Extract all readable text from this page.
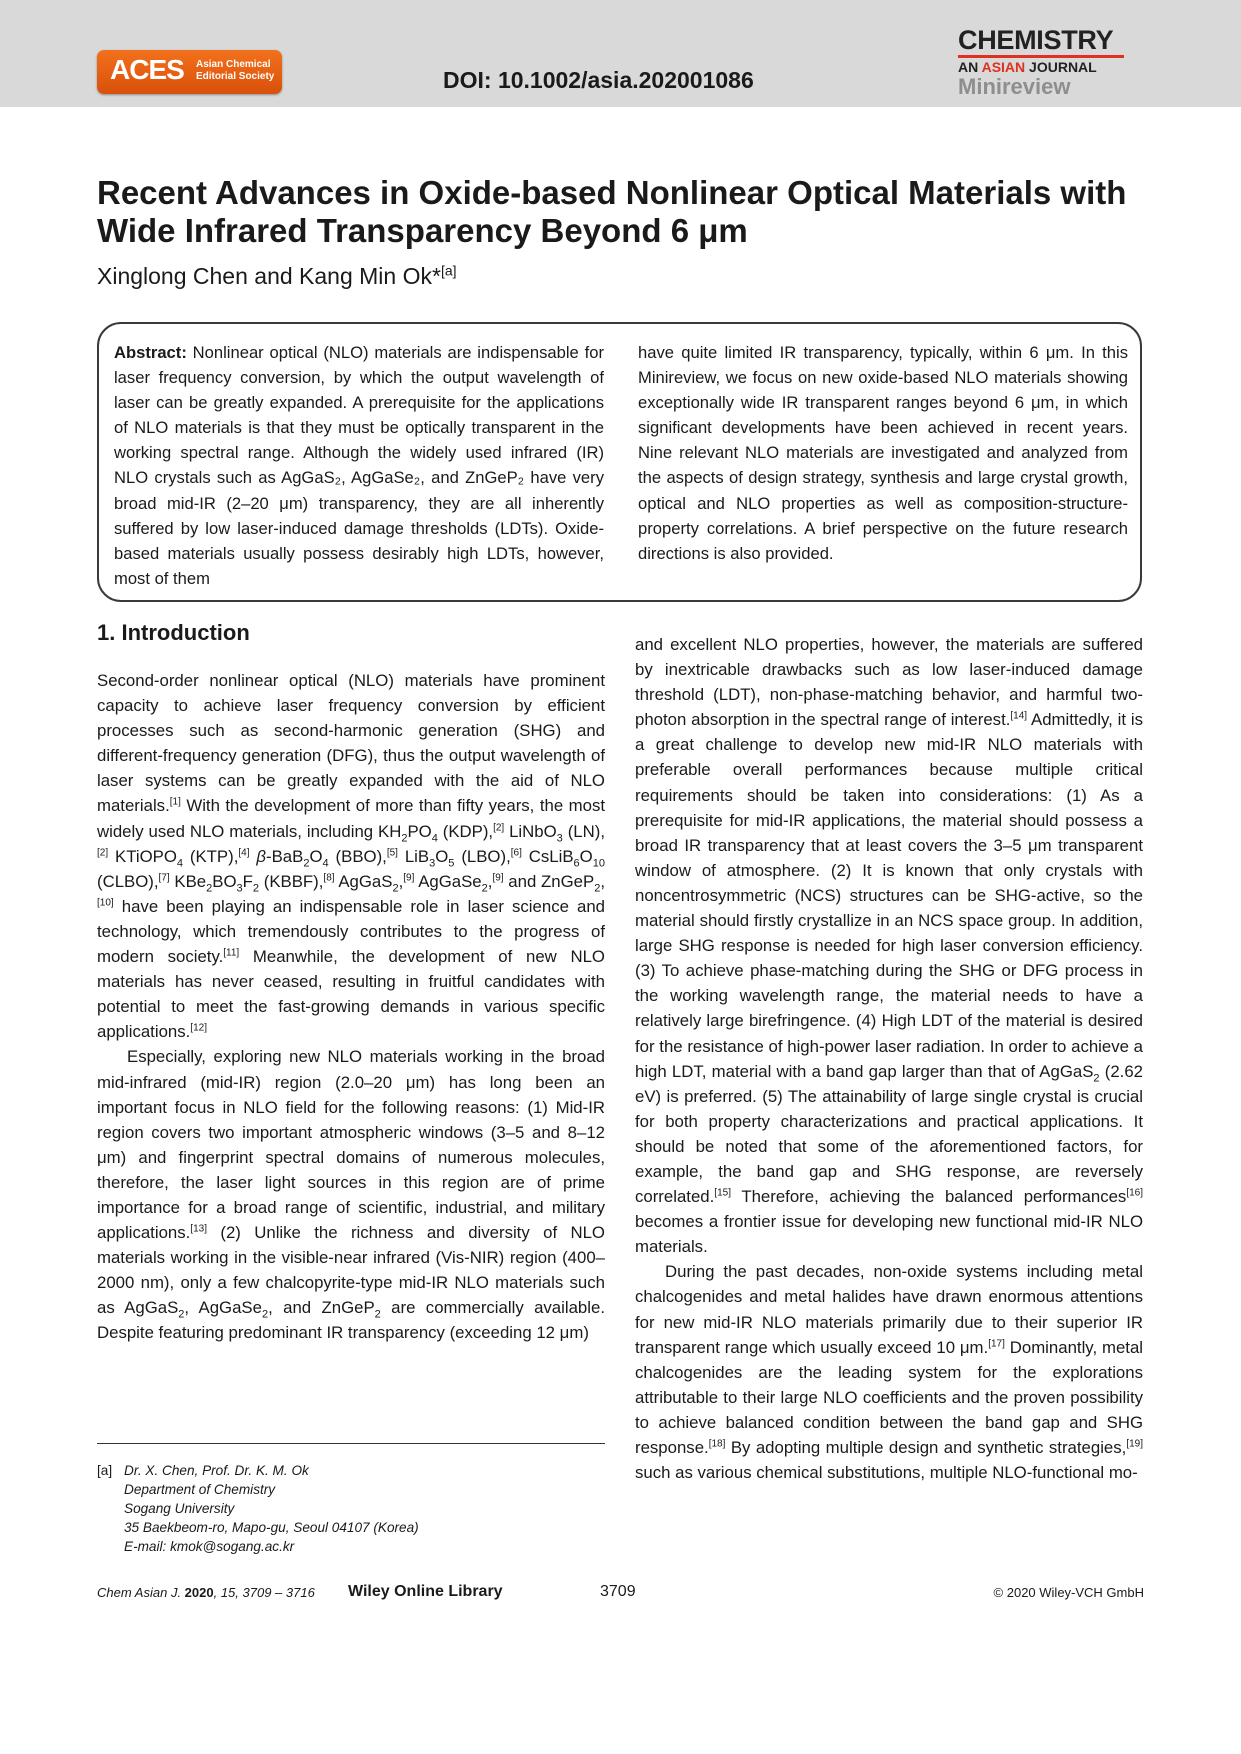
ACES Asian Chemical
Editorial Society	DOI: 10.1002/asia.202001086
CHEMISTRY
AN ASIAN JOURNAL
Minireview
Recent Advances in Oxide-based Nonlinear Optical Materials with Wide Infrared Transparency Beyond 6 μm
Xinglong Chen and Kang Min Ok*[a]
Abstract: Nonlinear optical (NLO) materials are indispensable for laser frequency conversion, by which the output wavelength of laser can be greatly expanded. A prerequisite for the applications of NLO materials is that they must be optically transparent in the working spectral range. Although the widely used infrared (IR) NLO crystals such as AgGaS₂, AgGaSe₂, and ZnGeP₂ have very broad mid-IR (2–20 μm) transparency, they are all inherently suffered by low laser-induced damage thresholds (LDTs). Oxide-based materials usually possess desirably high LDTs, however, most of them
have quite limited IR transparency, typically, within 6 μm. In this Minireview, we focus on new oxide-based NLO materials showing exceptionally wide IR transparent ranges beyond 6 μm, in which significant developments have been achieved in recent years. Nine relevant NLO materials are investigated and analyzed from the aspects of design strategy, synthesis and large crystal growth, optical and NLO properties as well as composition-structure-property correlations. A brief perspective on the future research directions is also provided.
1. Introduction

Second-order nonlinear optical (NLO) materials have prominent capacity to achieve laser frequency conversion by efficient processes such as second-harmonic generation (SHG) and different-frequency generation (DFG), thus the output wavelength of laser systems can be greatly expanded with the aid of NLO materials.[1] With the development of more than fifty years, the most widely used NLO materials, including $KH_2PO_4$ (KDP),[2] LiNbO$_3$ (LN),[2] KTiOPO$_4$ (KTP),[4] $\beta-BaB_2O_4$ (BBO),[5] $LiB_3O_5$ (LBO),[6] $CsLiB_6O_{10}$ (CLBO),[7] $KBe_2BO_3F_2$ (KBBF),[8] AgGaS$_2$,[9] AgGaSe$_2$,[9] and ZnGeP$_2$,[10] have been playing an indispensable role in laser science and technology, which tremendously contributes to the progress of modern society.[11] Meanwhile, the development of new NLO materials has never ceased, resulting in fruitful candidates with potential to meet the fast-growing demands in various specific applications.[12]

Especially, exploring new NLO materials working in the broad mid-infrared (mid-IR) region (2.0–20 μm) has long been an important focus in NLO field for the following reasons: (1) Mid-IR region covers two important atmospheric windows (3–5 and 8–12 μm) and fingerprint spectral domains of numerous molecules, therefore, the laser light sources in this region are of prime importance for a broad range of scientific, industrial, and military applications.[13] (2) Unlike the richness and diversity of NLO materials working in the visible-near infrared (Vis-NIR) region (400–2000 nm), only a few chalcopyrite-type mid-IR NLO materials such as AgGaS$_2$, AgGaSe$_2$, and ZnGeP$_2$ are commercially available. Despite featuring predominant IR transparency (exceeding 12 μm)

and excellent NLO properties, however, the materials are suffered by inextricable drawbacks such as low laser-induced damage threshold (LDT), non-phase-matching behavior, and harmful two-photon absorption in the spectral range of interest.[14] Admittedly, it is a great challenge to develop new mid-IR NLO materials with preferable overall performances because multiple critical requirements should be taken into considerations: (1) As a prerequisite for mid-IR applications, the material should possess a broad IR transparency that at least covers the 3–5 μm transparent window of atmosphere. (2) It is known that only crystals with noncentrosymmetric (NCS) structures can be SHG-active, so the material should firstly crystallize in an NCS space group. In addition, large SHG response is needed for high laser conversion efficiency. (3) To achieve phase-matching during the SHG or DFG process in the working wavelength range, the material needs to have a relatively large birefringence. (4) High LDT of the material is desired for the resistance of high-power laser radiation. In order to achieve a high LDT, material with a band gap larger than that of AgGaS$_2$ (2.62 eV) is preferred. (5) The attainability of large single crystal is crucial for both property characterizations and practical applications. It should be noted that some of the aforementioned factors, for example, the band gap and SHG response, are reversely correlated.[15] Therefore, achieving the balanced performances[16] becomes a frontier issue for developing new functional mid-IR NLO materials.

During the past decades, non-oxide systems including metal chalcogenides and metal halides have drawn enormous attentions for new mid-IR NLO materials primarily due to their superior IR transparent range which usually exceed 10 μm.[17] Dominantly, metal chalcogenides are the leading system for the explorations attributable to their large NLO coefficients and the proven possibility to achieve balanced condition between the band gap and SHG response.[18] By adopting multiple design and synthetic strategies,[19] such as various chemical substitutions, multiple NLO-functional mo-

[a] Dr. X. Chen, Prof. Dr. K. M. Ok
Department of Chemistry
Sogang University
35 Baekbeom-ro, Mapo-gu, Seoul 04107 (Korea)
E-mail: kmok@sogang.ac.kr
Chem Asian J. 2020, 15, 3709 – 3716 Wiley Online Library	3709	© 2020 Wiley-VCH GmbH
